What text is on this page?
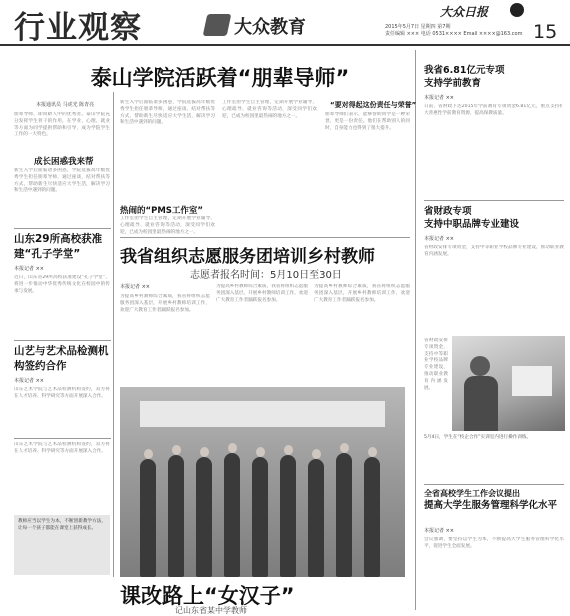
行业观察	大众教育
大众日报
2015年5月7日 星期四 第7期
责任编辑 ××× 电话 0531×××× Email ××××@163.com 15
泰山学院活跃着“朋辈导师”
本报通讯员 马虎光 陈青亮

朋辈导师，即同龄人中的优秀者。泰山学院充分发挥学生骨干的作用，在学业、心理、就业等方面为同学提供帮助和引导，成为学院学生工作的一大特色。

成长困惑我来帮

新生入学后面临诸多困惑，学院选拔高年级优秀学生担任朋辈导师，通过座谈、结对帮扶等方式，帮助新生尽快适应大学生活，解决学习和生活中遇到的问题。

新生入学后面临诸多困惑，学院选拔高年级优秀学生担任朋辈导师，通过座谈、结对帮扶等方式，帮助新生尽快适应大学生活，解决学习和生活中遇到的问题。

热闹的“PMS工作室”

工作室由学生自主管理，定期开展学业辅导、心理疏导、就业咨询等活动，深受同学们欢迎，已成为校园里最热闹的地方之一。

工作室由学生自主管理，定期开展学业辅导、心理疏导、就业咨询等活动，深受同学们欢迎，已成为校园里最热闹的地方之一。

“要对得起这份责任与荣誉”

朋辈导师们表示，能够帮助同学是一种荣誉，更是一份责任。他们在帮助别人的同时，自身能力也得到了很大提升。

山东29所高校获准建“孔子学堂”
本报记者 ××

近日，山东省29所高校获准建设“孔子学堂”，将进一步推动中华优秀传统文化在校园中的传承与发展。

山艺与艺术品检测机构签约合作
本报记者 ××

山东艺术学院与艺术品检测机构签约，双方将在人才培养、科学研究等方面开展深入合作。

山东艺术学院与艺术品检测机构签约，双方将在人才培养、科学研究等方面开展深入合作。

教师应当以学生为本，不断创新教学方法，让每一个孩子都能在课堂上获得成长。
我省组织志愿服务团培训乡村教师
志愿者报名时间：5月10日至30日
本报记者 ××

为提高乡村教师综合素质，我省将组织志愿服务团深入基层，开展乡村教师培训工作，欢迎广大教育工作者踊跃报名参加。

为提高乡村教师综合素质，我省将组织志愿服务团深入基层，开展乡村教师培训工作，欢迎广大教育工作者踊跃报名参加。

为提高乡村教师综合素质，我省将组织志愿服务团深入基层，开展乡村教师培训工作，欢迎广大教育工作者踊跃报名参加。

课改路上“女汉子”
记山东省某中学教师
我省6.81亿元专项
支持学前教育
本报记者 ××

日前，省财政下达2015年学前教育专项资金6.81亿元，重点支持扩大普惠性学前教育资源，提高保教质量。

省财政专项
支持中职品牌专业建设
本报记者 ××

省财政安排专项资金，支持中等职业学校品牌专业建设，推动职业教育内涵发展。

省财政安排专项资金，支持中等职业学校品牌专业建设，推动职业教育内涵发展。

5月4日，学生在“校企合作”实训室内进行操作训练。
全省高校学生工作会议提出
提高大学生服务管理科学化水平
本报记者 ××

会议强调，要坚持以学生为本，不断提高大学生服务管理科学化水平，促进学生全面发展。
